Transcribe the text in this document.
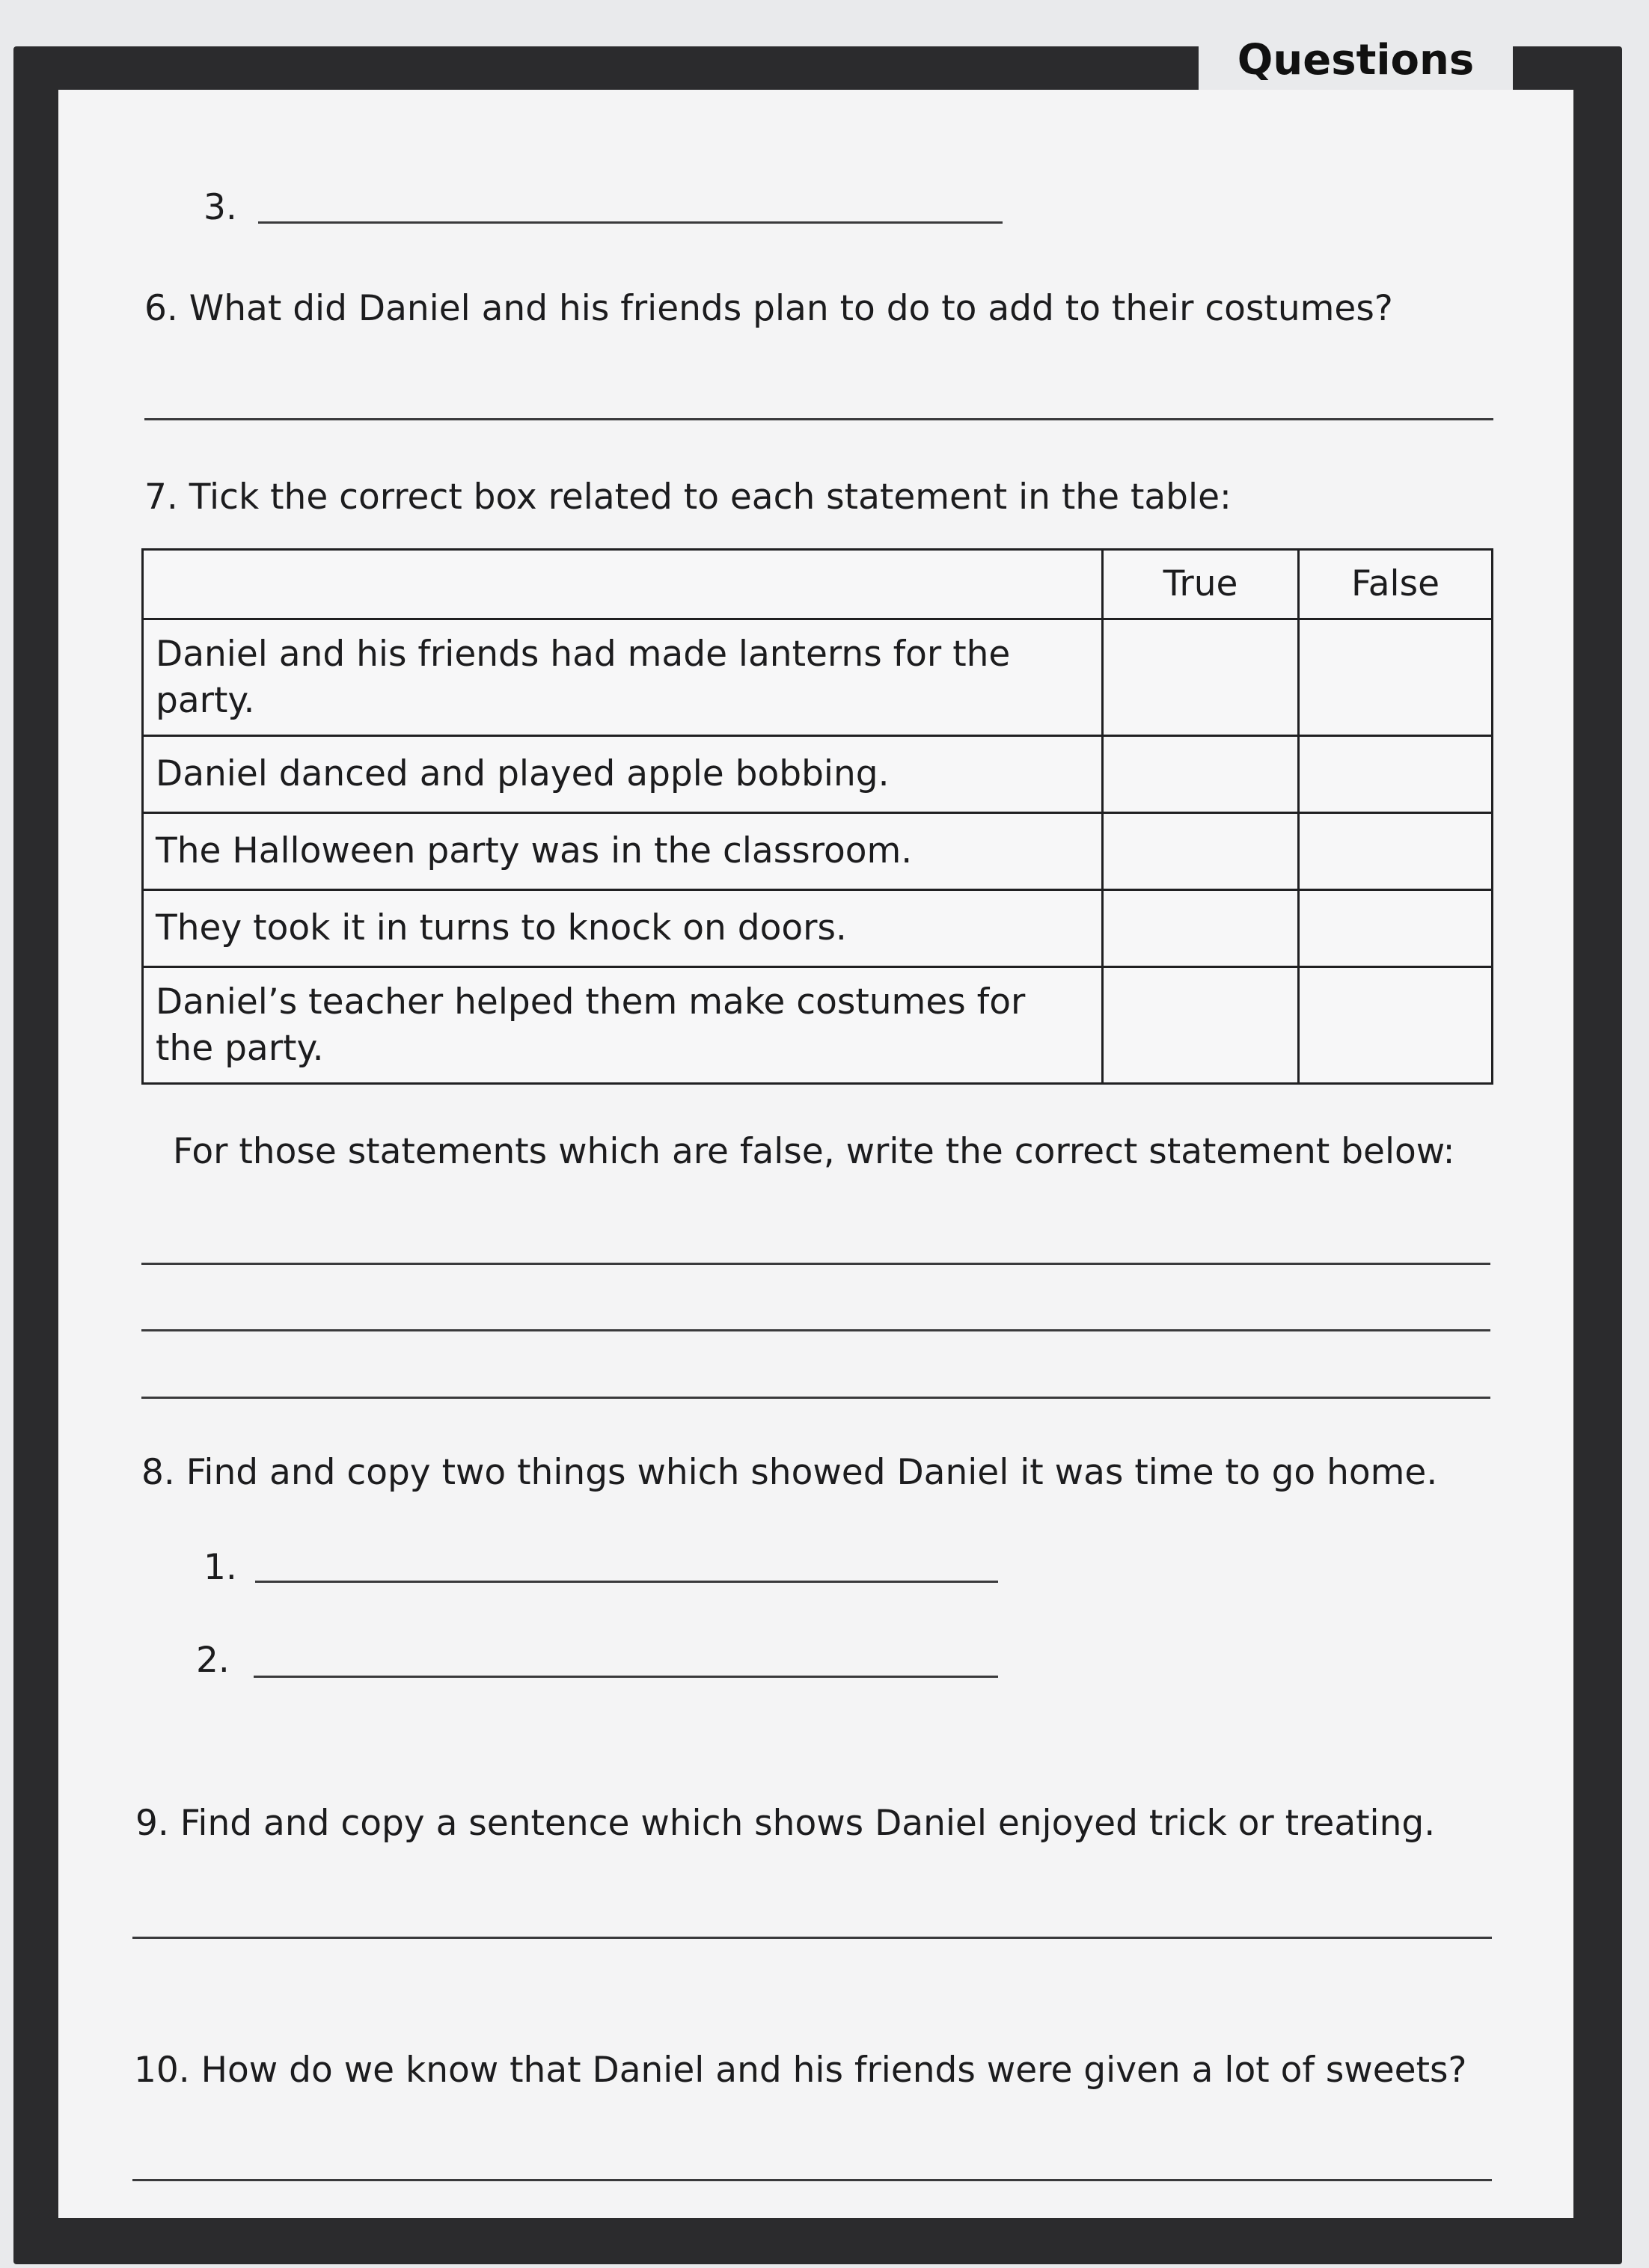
Questions
3.
6. What did Daniel and his friends plan to do to add to their costumes?
7. Tick the correct box related to each statement in the table:
	True	False
Daniel and his friends had made lanterns for the party.		
Daniel danced and played apple bobbing.		
The Halloween party was in the classroom.		
They took it in turns to knock on doors.		
Daniel’s teacher helped them make costumes for the party.		
For those statements which are false, write the correct statement below:
8. Find and copy two things which showed Daniel it was time to go home.
1.
2.
9. Find and copy a sentence which shows Daniel enjoyed trick or treating.
10. How do we know that Daniel and his friends were given a lot of sweets?
